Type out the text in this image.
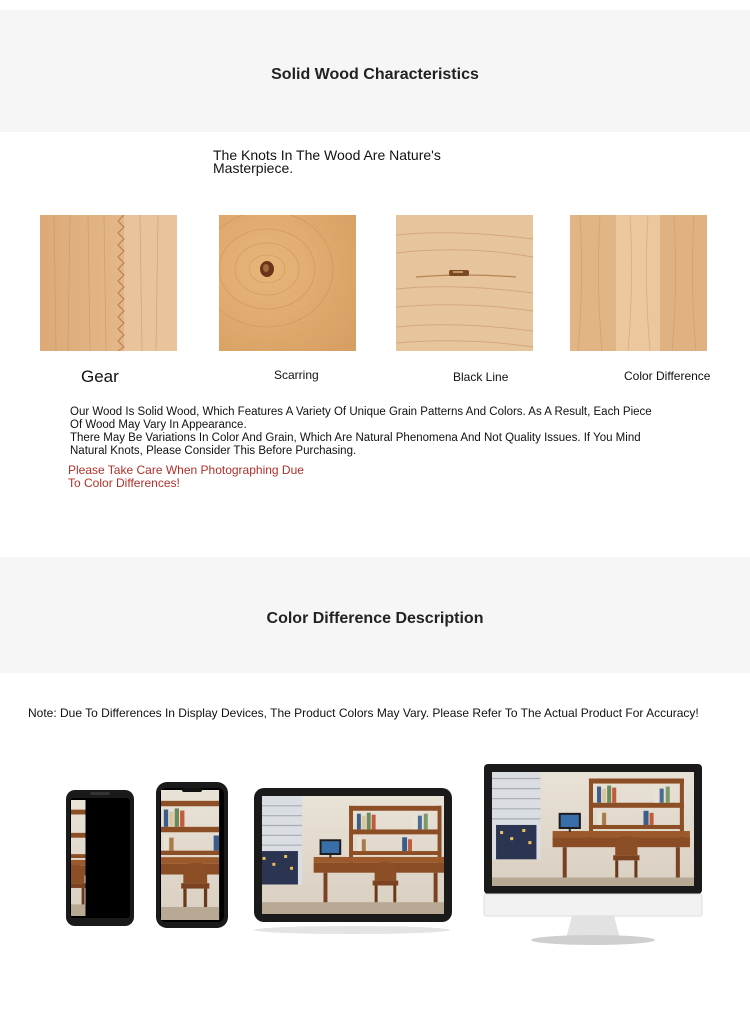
Solid Wood Characteristics
The Knots In The Wood Are Nature's
Masterpiece.
Gear	Scarring	Black Line	Color Difference
Our Wood Is Solid Wood, Which Features A Variety Of Unique Grain Patterns And Colors. As A Result, Each Piece
Of Wood May Vary In Appearance.
There May Be Variations In Color And Grain, Which Are Natural Phenomena And Not Quality Issues. If You Mind
Natural Knots, Please Consider This Before Purchasing.
Please Take Care When Photographing Due
To Color Differences!
Color Difference Description
Note: Due To Differences In Display Devices, The Product Colors May Vary. Please Refer To The Actual Product For Accuracy!
